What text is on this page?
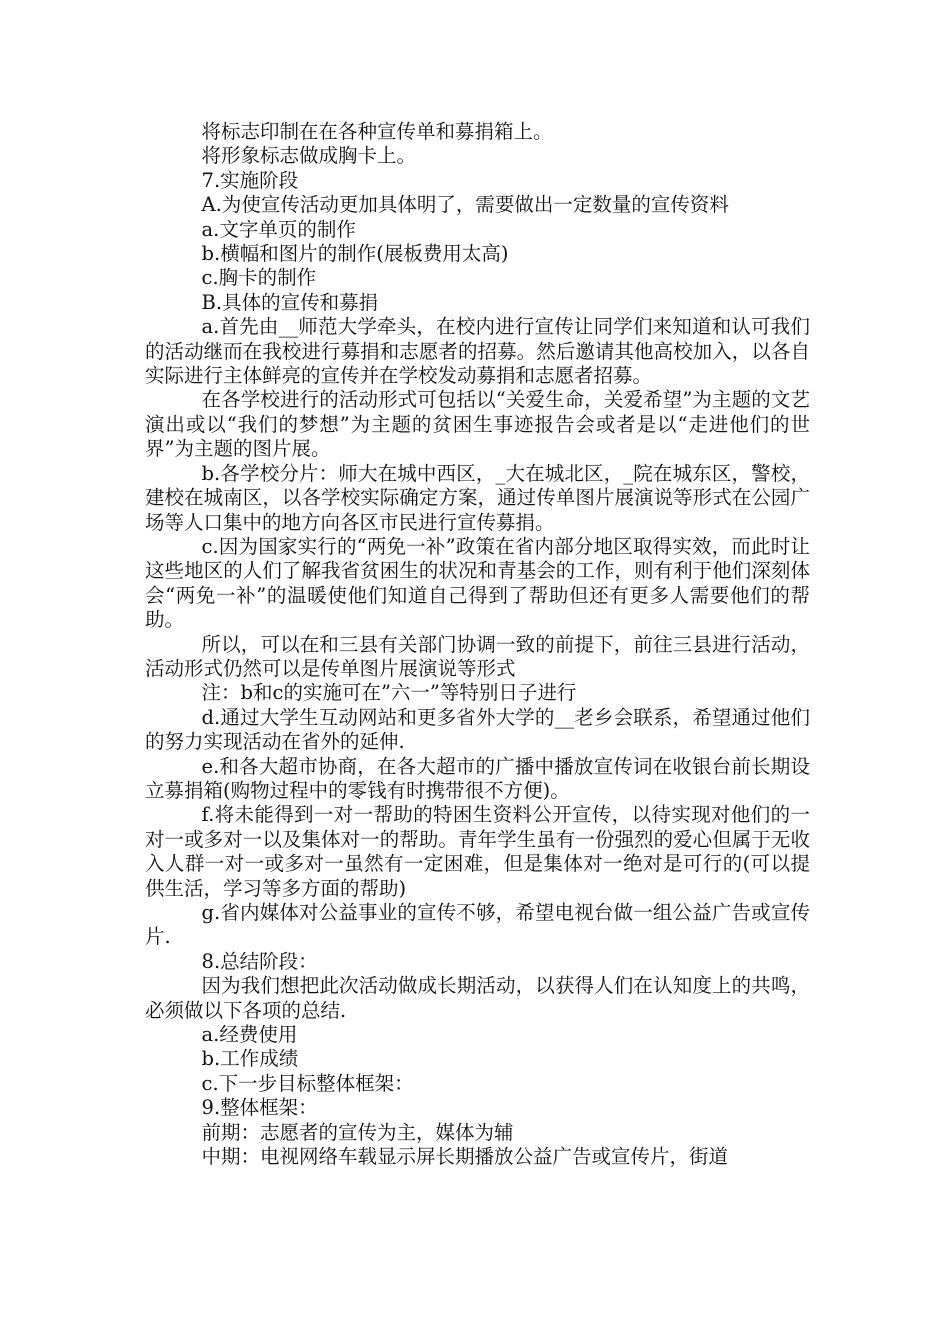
将标志印制在在各种宣传单和募捐箱上。

将形象标志做成胸卡上。

7.实施阶段

A.为使宣传活动更加具体明了，需要做出一定数量的宣传资料

a.文字单页的制作

b.横幅和图片的制作(展板费用太高)

c.胸卡的制作

B.具体的宣传和募捐

a.首先由__师范大学牵头，在校内进行宣传让同学们来知道和认可我们的活动继而在我校进行募捐和志愿者的招募。然后邀请其他高校加入，以各自实际进行主体鲜亮的宣传并在学校发动募捐和志愿者招募。

在各学校进行的活动形式可包括以“关爱生命，关爱希望”为主题的文艺演出或以“我们的梦想”为主题的贫困生事迹报告会或者是以“走进他们的世界”为主题的图片展。

b.各学校分片：师大在城中西区，_大在城北区，_院在城东区，警校，建校在城南区，以各学校实际确定方案，通过传单图片展演说等形式在公园广场等人口集中的地方向各区市民进行宣传募捐。

c.因为国家实行的“两免一补”政策在省内部分地区取得实效，而此时让这些地区的人们了解我省贫困生的状况和青基会的工作，则有利于他们深刻体会“两免一补”的温暖使他们知道自己得到了帮助但还有更多人需要他们的帮助。

所以，可以在和三县有关部门协调一致的前提下，前往三县进行活动，活动形式仍然可以是传单图片展演说等形式

注：b和c的实施可在”六一”等特别日子进行

d.通过大学生互动网站和更多省外大学的__老乡会联系，希望通过他们的努力实现活动在省外的延伸.

e.和各大超市协商，在各大超市的广播中播放宣传词在收银台前长期设立募捐箱(购物过程中的零钱有时携带很不方便)。

f.将未能得到一对一帮助的特困生资料公开宣传，以待实现对他们的一对一或多对一以及集体对一的帮助。青年学生虽有一份强烈的爱心但属于无收入人群一对一或多对一虽然有一定困难，但是集体对一绝对是可行的(可以提供生活，学习等多方面的帮助)

g.省内媒体对公益事业的宣传不够，希望电视台做一组公益广告或宣传片.

8.总结阶段：

因为我们想把此次活动做成长期活动，以获得人们在认知度上的共鸣，必须做以下各项的总结.

a.经费使用

b.工作成绩

c.下一步目标整体框架：

9.整体框架：

前期：志愿者的宣传为主，媒体为辅

中期：电视网络车载显示屏长期播放公益广告或宣传片，街道
